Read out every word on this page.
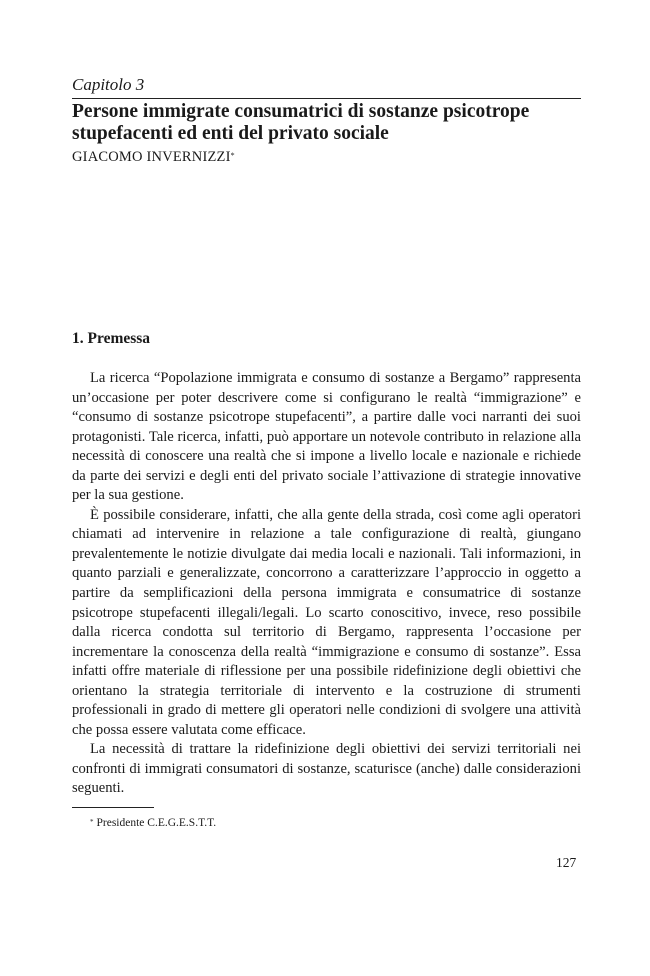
Capitolo 3

Persone immigrate consumatrici di sostanze psicotrope stupefacenti ed enti del privato sociale

GIACOMO INVERNIZZI*

1. Premessa

La ricerca “Popolazione immigrata e consumo di sostanze a Bergamo” rappresenta un’occasione per poter descrivere come si configurano le realtà “immigrazione” e “consumo di sostanze psicotrope stupefacenti”, a partire dalle voci narranti dei suoi protagonisti. Tale ricerca, infatti, può apportare un notevole contributo in relazione alla necessità di conoscere una realtà che si impone a livello locale e nazionale e richiede da parte dei servizi e degli enti del privato sociale l’attivazione di strategie innovative per la sua gestione.

È possibile considerare, infatti, che alla gente della strada, così come agli operatori chiamati ad intervenire in relazione a tale configurazione di realtà, giungano prevalentemente le notizie divulgate dai media locali e nazionali. Tali informazioni, in quanto parziali e generalizzate, concorrono a caratterizzare l’approccio in oggetto a partire da semplificazioni della persona immigrata e consumatrice di sostanze psicotrope stupefacenti illegali/legali. Lo scarto conoscitivo, invece, reso possibile dalla ricerca condotta sul territorio di Bergamo, rappresenta l’occasione per incrementare la conoscenza della realtà “immigrazione e consumo di sostanze”. Essa infatti offre materiale di riflessione per una possibile ridefinizione degli obiettivi che orientano la strategia territoriale di intervento e la costruzione di strumenti professionali in grado di mettere gli operatori nelle condizioni di svolgere una attività che possa essere valutata come efficace.

La necessità di trattare la ridefinizione degli obiettivi dei servizi territoriali nei confronti di immigrati consumatori di sostanze, scaturisce (anche) dalle considerazioni seguenti.

* Presidente C.E.G.E.S.T.T.

127
